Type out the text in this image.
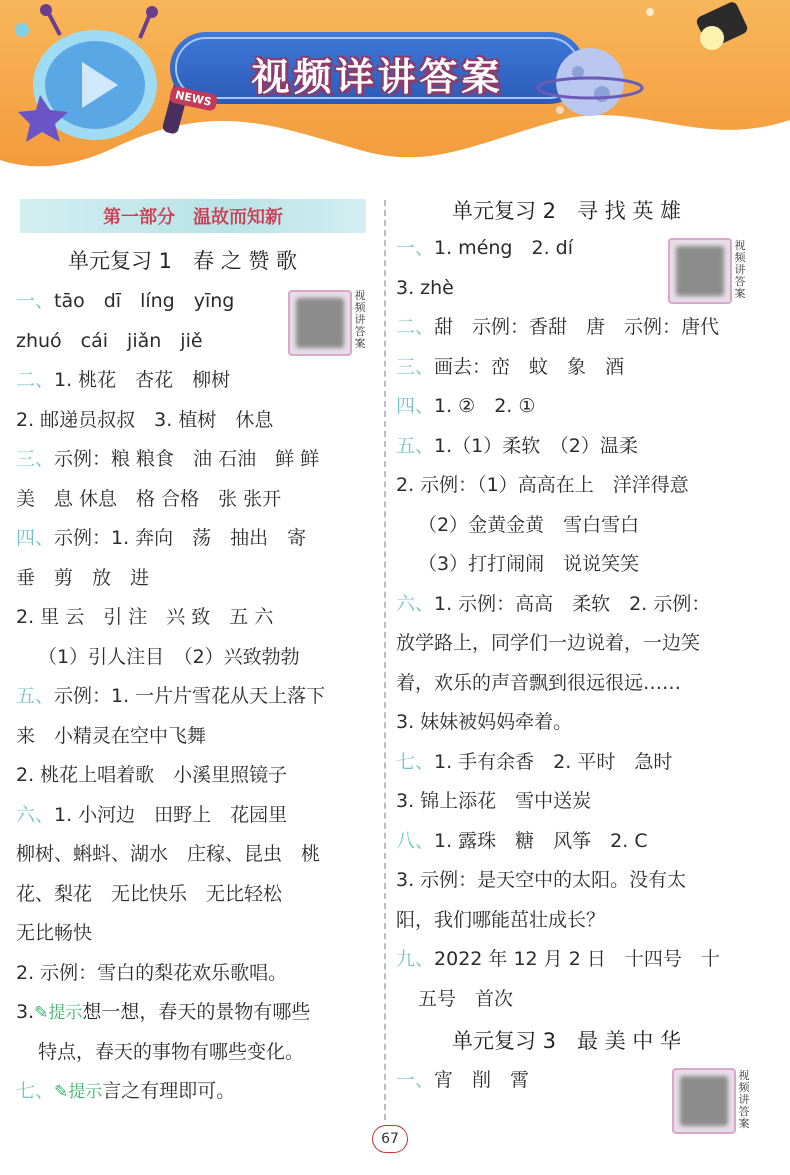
视频详讲答案
NEWS
第一部分　温故而知新
单元复习 1　春 之 赞 歌
视频讲答案
一、tāo　dī　líng　yīng
zhuó　cái　jiǎn　jiě
二、1. 桃花　杏花　柳树
2. 邮递员叔叔　3. 植树　休息
三、示例：粮 粮食　油 石油　鲜 鲜
美　息 休息　格 合格　张 张开
四、示例：1. 奔向　荡　抽出　寄
垂　剪　放　进
2. 里 云　引 注　兴 致　五 六
（1）引人注目　（2）兴致勃勃
五、示例：1. 一片片雪花从天上落下
来　小精灵在空中飞舞
2. 桃花上唱着歌　小溪里照镜子
六、1. 小河边　田野上　花园里
柳树、蝌蚪、湖水　庄稼、昆虫　桃
花、梨花　无比快乐　无比轻松
无比畅快
2. 示例：雪白的梨花欢乐歌唱。
3.✎提示想一想，春天的景物有哪些
特点，春天的事物有哪些变化。
七、✎提示言之有理即可。
单元复习 2　寻 找 英 雄
视频讲答案
一、1. méng　2. dí
3. zhè
二、甜　示例：香甜　唐　示例：唐代
三、画去：峦　蚊　象　酒
四、1. ②　2. ①
五、1.（1）柔软　（2）温柔
2. 示例：（1）高高在上　洋洋得意
（2）金黄金黄　雪白雪白
（3）打打闹闹　说说笑笑
六、1. 示例：高高　柔软　2. 示例：
放学路上，同学们一边说着，一边笑
着，欢乐的声音飘到很远很远……
3. 妹妹被妈妈牵着。
七、1. 手有余香　2. 平时　急时
3. 锦上添花　雪中送炭
八、1. 露珠　糖　风筝　2. C
3. 示例：是天空中的太阳。没有太
阳，我们哪能茁壮成长？
九、2022 年 12 月 2 日　十四号　十
五号　首次
单元复习 3　最 美 中 华
视频讲答案
一、宵　削　霄
67
